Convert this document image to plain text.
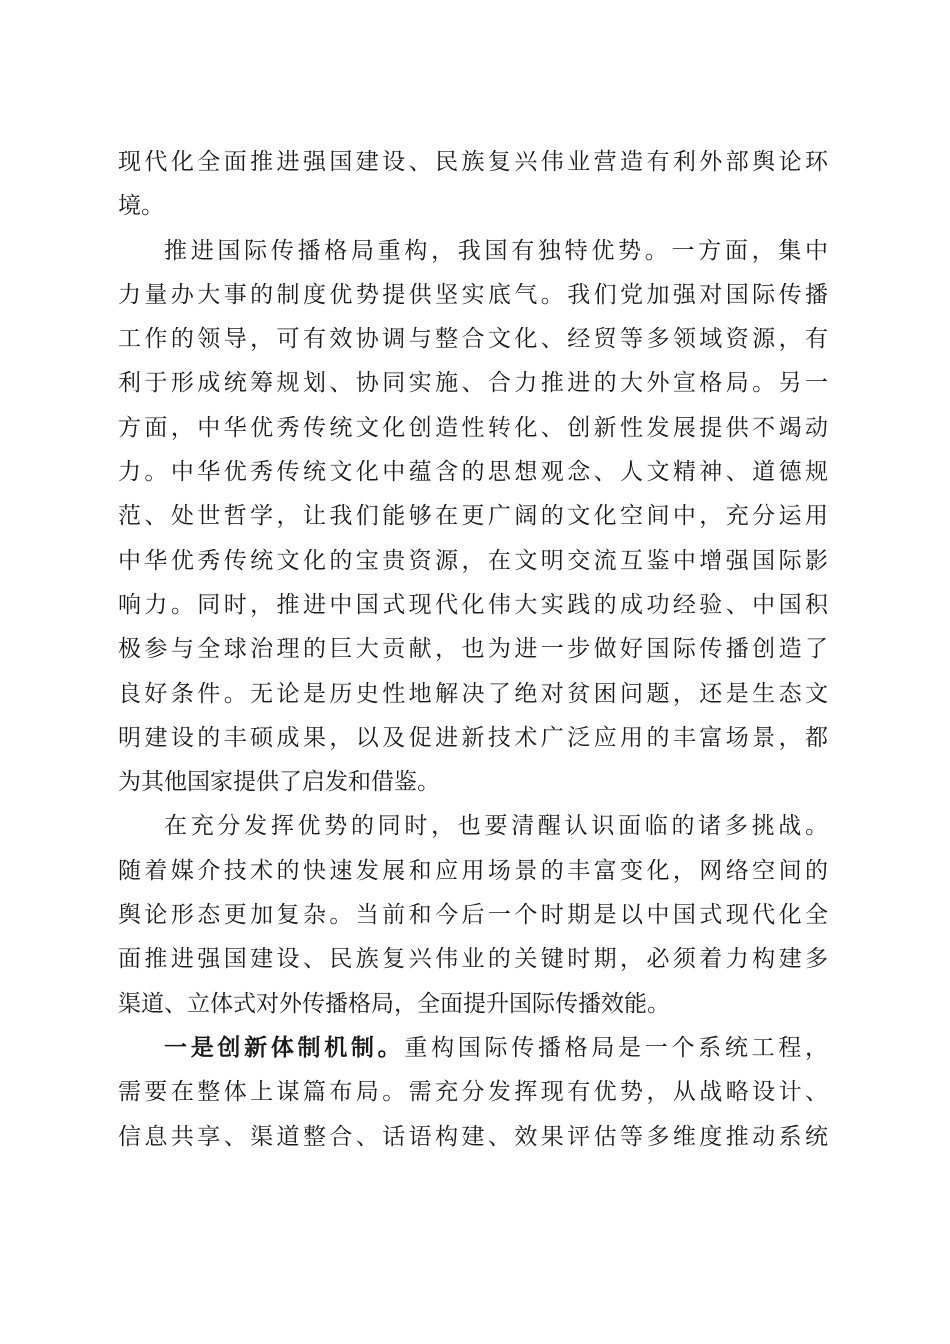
现代化全面推进强国建设、民族复兴伟业营造有利外部舆论环
境。
推进国际传播格局重构，我国有独特优势。一方面，集中
力量办大事的制度优势提供坚实底气。我们党加强对国际传播
工作的领导，可有效协调与整合文化、经贸等多领域资源，有
利于形成统筹规划、协同实施、合力推进的大外宣格局。另一
方面，中华优秀传统文化创造性转化、创新性发展提供不竭动
力。中华优秀传统文化中蕴含的思想观念、人文精神、道德规
范、处世哲学，让我们能够在更广阔的文化空间中，充分运用
中华优秀传统文化的宝贵资源，在文明交流互鉴中增强国际影
响力。同时，推进中国式现代化伟大实践的成功经验、中国积
极参与全球治理的巨大贡献，也为进一步做好国际传播创造了
良好条件。无论是历史性地解决了绝对贫困问题，还是生态文
明建设的丰硕成果，以及促进新技术广泛应用的丰富场景，都
为其他国家提供了启发和借鉴。
在充分发挥优势的同时，也要清醒认识面临的诸多挑战。
随着媒介技术的快速发展和应用场景的丰富变化，网络空间的
舆论形态更加复杂。当前和今后一个时期是以中国式现代化全
面推进强国建设、民族复兴伟业的关键时期，必须着力构建多
渠道、立体式对外传播格局，全面提升国际传播效能。
一是创新体制机制。重构国际传播格局是一个系统工程，
需要在整体上谋篇布局。需充分发挥现有优势，从战略设计、
信息共享、渠道整合、话语构建、效果评估等多维度推动系统
